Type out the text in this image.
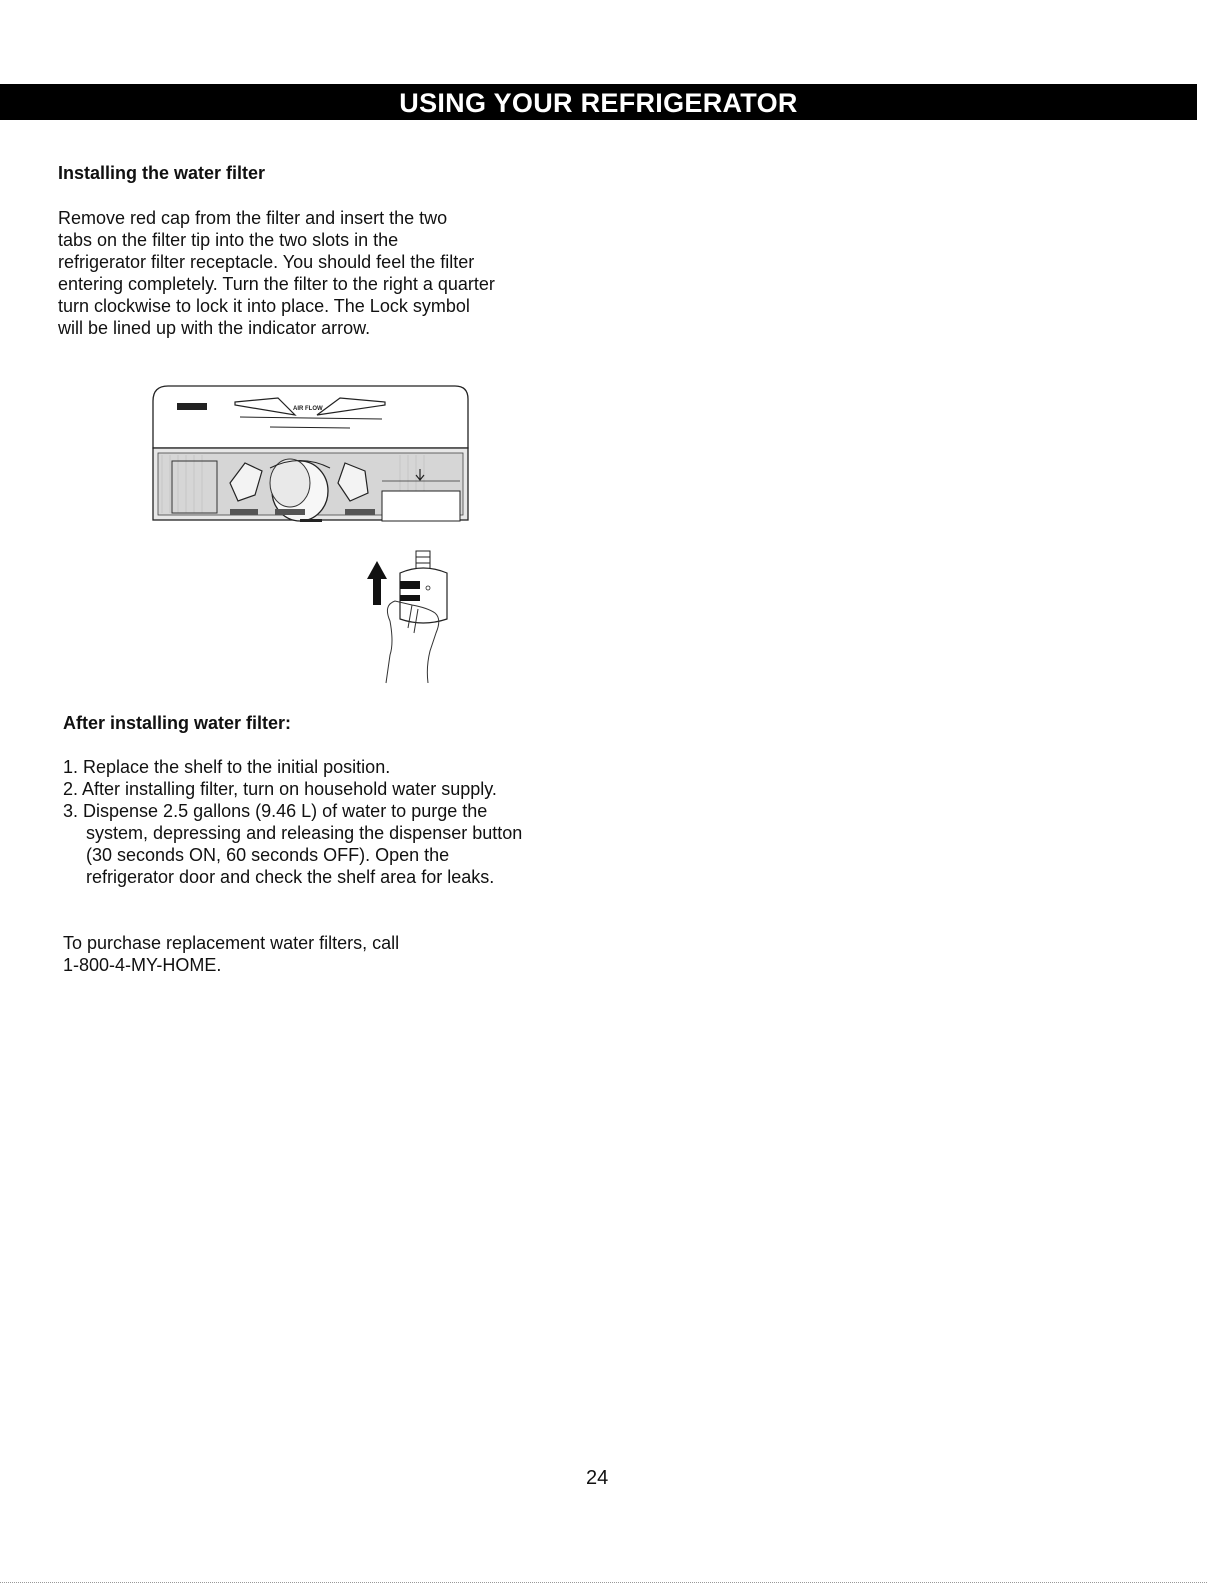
USING YOUR REFRIGERATOR
Installing the water filter
Remove red cap from the filter and insert the two
tabs on the filter tip into the two slots in the
refrigerator filter receptacle. You should feel the filter
entering completely. Turn the filter to the right a quarter
turn clockwise to lock it into place. The Lock symbol
will be lined up with the indicator arrow.
AIR FLOW
After installing water filter:
1. Replace the shelf to the initial position.
2. After installing filter, turn on household water supply.
3. Dispense 2.5 gallons (9.46 L) of water to purge the
system, depressing and releasing the dispenser button
(30 seconds ON, 60 seconds OFF). Open the
refrigerator door and check the shelf area for leaks.
To purchase replacement water filters, call
1-800-4-MY-HOME.
24
